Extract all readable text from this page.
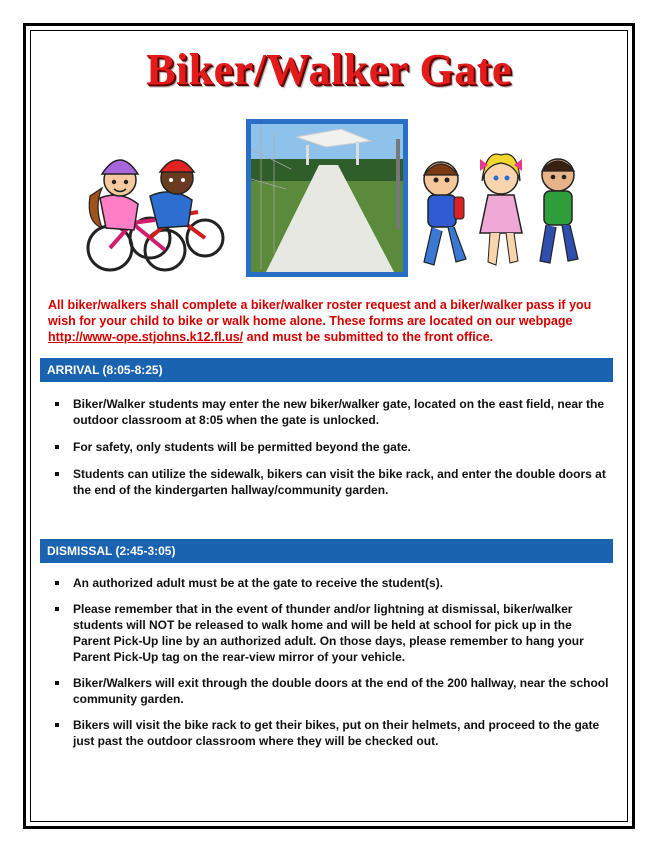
Biker/Walker Gate
All biker/walkers shall complete a biker/walker roster request and a biker/walker pass if you wish for your child to bike or walk home alone. These forms are located on our webpage http://www-ope.stjohns.k12.fl.us/ and must be submitted to the front office.
ARRIVAL (8:05-8:25)
Biker/Walker students may enter the new biker/walker gate, located on the east field, near the outdoor classroom at 8:05 when the gate is unlocked.
For safety, only students will be permitted beyond the gate.
Students can utilize the sidewalk, bikers can visit the bike rack, and enter the double doors at the end of the kindergarten hallway/community garden.
DISMISSAL (2:45-3:05)
An authorized adult must be at the gate to receive the student(s).
Please remember that in the event of thunder and/or lightning at dismissal, biker/walker students will NOT be released to walk home and will be held at school for pick up in the Parent Pick-Up line by an authorized adult. On those days, please remember to hang your Parent Pick-Up tag on the rear-view mirror of your vehicle.
Biker/Walkers will exit through the double doors at the end of the 200 hallway, near the school community garden.
Bikers will visit the bike rack to get their bikes, put on their helmets, and proceed to the gate just past the outdoor classroom where they will be checked out.
